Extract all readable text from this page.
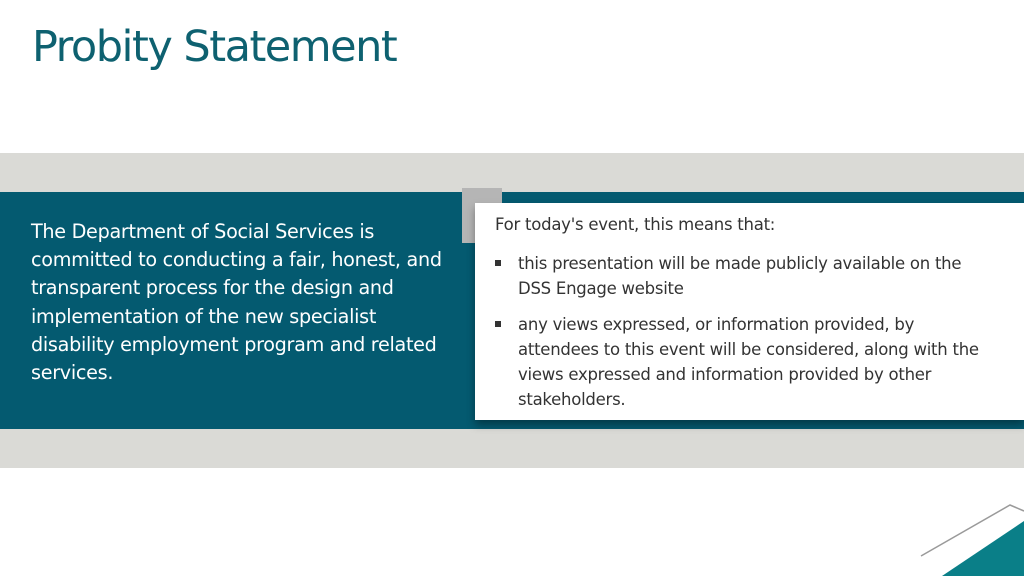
Probity Statement
The Department of Social Services is committed to conducting a fair, honest, and transparent process for the design and implementation of the new specialist disability employment program and related services.
For today's event, this means that:
this presentation will be made publicly available on the DSS Engage website
any views expressed, or information provided, by attendees to this event will be considered, along with the views expressed and information provided by other stakeholders.
